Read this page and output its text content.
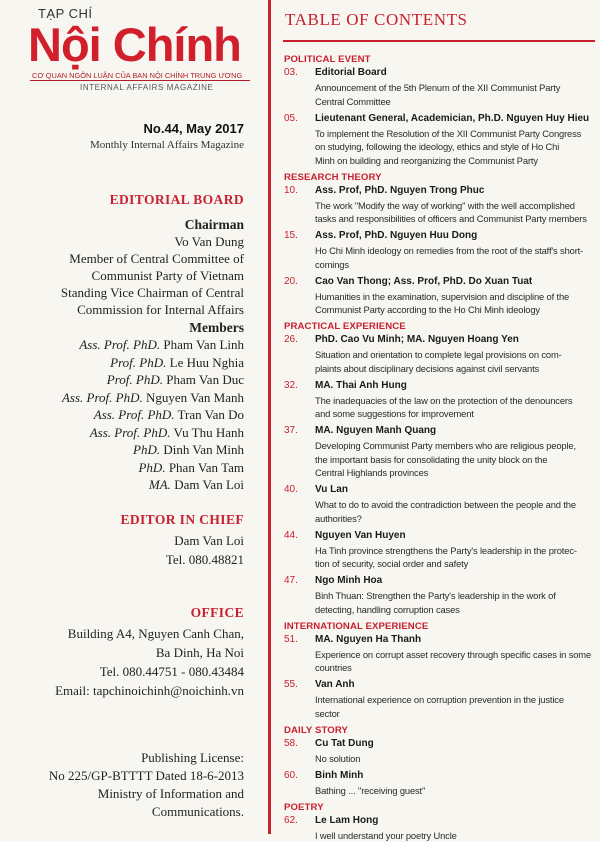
TẠP CHÍ
Nội Chính
CƠ QUAN NGÔN LUẬN CỦA BAN NỘI CHÍNH TRUNG ƯƠNG
INTERNAL AFFAIRS MAGAZINE
No.44, May 2017
Monthly Internal Affairs Magazine
EDITORIAL BOARD
Chairman
Vo Van Dung
Member of Central Committee of
Communist Party of Vietnam
Standing Vice Chairman of Central
Commission for Internal Affairs
Members
Ass. Prof. PhD. Pham Van Linh
Prof. PhD. Le Huu Nghia
Prof. PhD. Pham Van Duc
Ass. Prof. PhD. Nguyen Van Manh
Ass. Prof. PhD. Tran Van Do
Ass. Prof. PhD. Vu Thu Hanh
PhD. Dinh Van Minh
PhD. Phan Van Tam
MA. Dam Van Loi
EDITOR IN CHIEF
Dam Van Loi
Tel. 080.48821
OFFICE
Building A4, Nguyen Canh Chan,
Ba Dinh, Ha Noi
Tel. 080.44751 - 080.43484
Email: tapchinoichinh@noichinh.vn
Publishing License:
No 225/GP-BTTTT Dated 18-6-2013
Ministry of Information and
Communications.
TABLE OF CONTENTS
POLITICAL EVENT
03. Editorial Board
Announcement of the 5th Plenum of the XII Communist Party
Central Committee
05. Lieutenant General, Academician, Ph.D. Nguyen Huy Hieu
To implement the Resolution of the XII Communist Party Congress
on studying, following the ideology, ethics and style of Ho Chi
Minh on building and reorganizing the Communist Party
RESEARCH THEORY
10. Ass. Prof, PhD. Nguyen Trong Phuc
The work "Modify the way of working" with the well accomplished
tasks and responsibilities of officers and Communist Party members
15. Ass. Prof, PhD. Nguyen Huu Dong
Ho Chi Minh ideology on remedies from the root of the staff's short-
comings
20. Cao Van Thong; Ass. Prof, PhD. Do Xuan Tuat
Humanities in the examination, supervision and discipline of the
Communist Party according to the Ho Chi Minh ideology
PRACTICAL EXPERIENCE
26. PhD. Cao Vu Minh; MA. Nguyen Hoang Yen
Situation and orientation to complete legal provisions on com-
plaints about disciplinary decisions against civil servants
32. MA. Thai Anh Hung
The inadequacies of the law on the protection of the denouncers
and some suggestions for improvement
37. MA. Nguyen Manh Quang
Developing Communist Party members who are religious people,
the important basis for consolidating the unity block on the
Central Highlands provinces
40. Vu Lan
What to do to avoid the contradiction between the people and the
authorities?
44. Nguyen Van Huyen
Ha Tinh province strengthens the Party's leadership in the protec-
tion of security, social order and safety
47. Ngo Minh Hoa
Binh Thuan: Strengthen the Party's leadership in the work of
detecting, handling corruption cases
INTERNATIONAL EXPERIENCE
51. MA. Nguyen Ha Thanh
Experience on corrupt asset recovery through specific cases in some
countries
55. Van Anh
International experience on corruption prevention in the justice
sector
DAILY STORY
58. Cu Tat Dung
No solution
60. Binh Minh
Bathing ... "receiving guest"
POETRY
62. Le Lam Hong
I well understand your poetry Uncle
